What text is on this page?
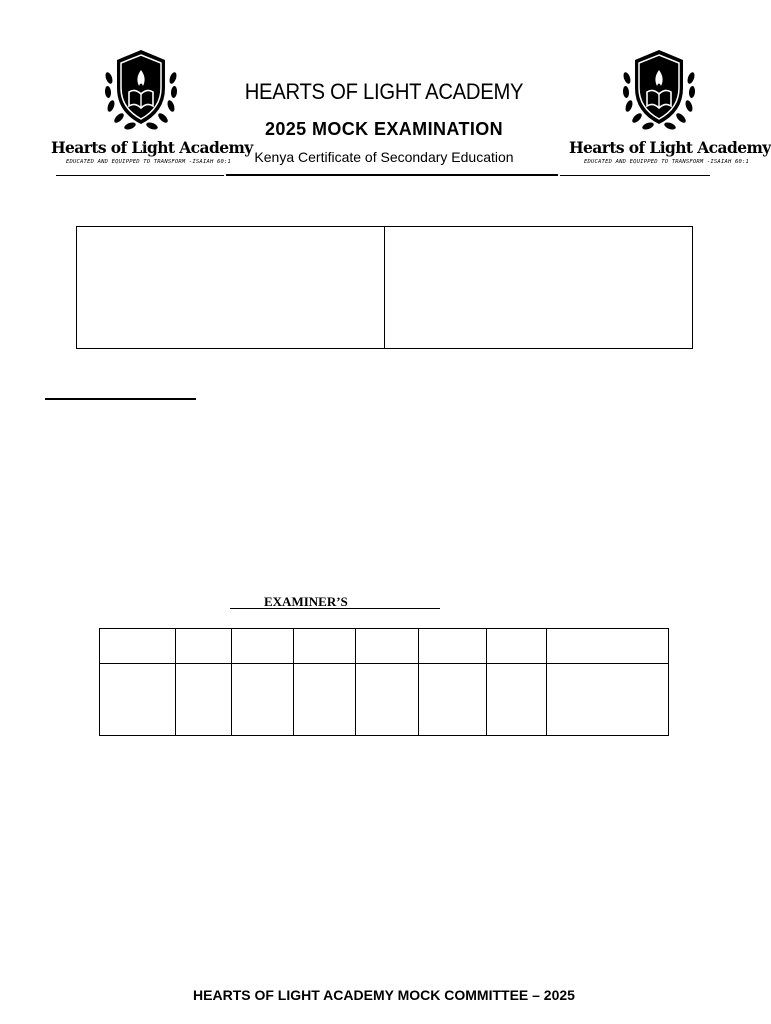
Hearts of Light Academy
EDUCATED AND EQUIPPED TO TRANSFORM -ISAIAH 60:1
Hearts of Light Academy
EDUCATED AND EQUIPPED TO TRANSFORM -ISAIAH 60:1
HEARTS OF LIGHT ACADEMY
2025 MOCK EXAMINATION
Kenya Certificate of Secondary Education
EXAMINER’S

HEARTS OF LIGHT ACADEMY MOCK COMMITTEE – 2025
